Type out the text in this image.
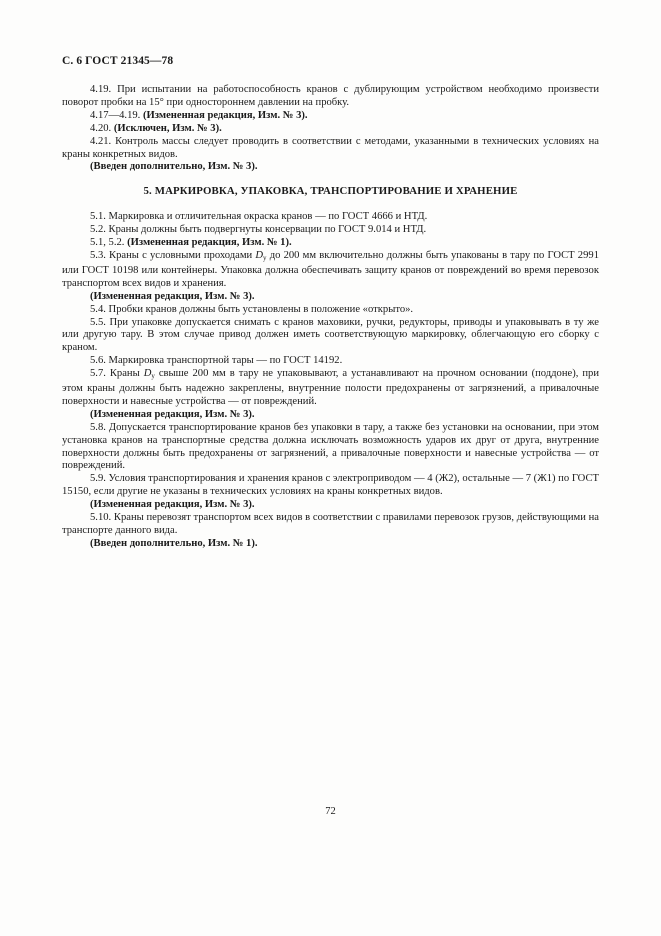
С. 6 ГОСТ 21345—78

4.19. При испытании на работоспособность кранов с дублирующим устройством необходимо произвести поворот пробки на 15° при одностороннем давлении на пробку.

4.17—4.19. (Измененная редакция, Изм. № 3).

4.20. (Исключен, Изм. № 3).

4.21. Контроль массы следует проводить в соответствии с методами, указанными в технических условиях на краны конкретных видов.

(Введен дополнительно, Изм. № 3).

5. МАРКИРОВКА, УПАКОВКА, ТРАНСПОРТИРОВАНИЕ И ХРАНЕНИЕ

5.1. Маркировка и отличительная окраска кранов — по ГОСТ 4666 и НТД.

5.2. Краны должны быть подвергнуты консервации по ГОСТ 9.014 и НТД.

5.1, 5.2. (Измененная редакция, Изм. № 1).

5.3. Краны с условными проходами $D_у$ до 200 мм включительно должны быть упакованы в тару по ГОСТ 2991 или ГОСТ 10198 или контейнеры. Упаковка должна обеспечивать защиту кранов от повреждений во время перевозок транспортом всех видов и хранения.

(Измененная редакция, Изм. № 3).

5.4. Пробки кранов должны быть установлены в положение «открыто».

5.5. При упаковке допускается снимать с кранов маховики, ручки, редукторы, приводы и упаковывать в ту же или другую тару. В этом случае привод должен иметь соответствующую маркировку, облегчающую его сборку с краном.

5.6. Маркировка транспортной тары — по ГОСТ 14192.

5.7. Краны $D_у$ свыше 200 мм в тару не упаковывают, а устанавливают на прочном основании (поддоне), при этом краны должны быть надежно закреплены, внутренние полости предохранены от загрязнений, а привалочные поверхности и навесные устройства — от повреждений.

(Измененная редакция, Изм. № 3).

5.8. Допускается транспортирование кранов без упаковки в тару, а также без установки на основании, при этом установка кранов на транспортные средства должна исключать возможность ударов их друг от друга, внутренние поверхности должны быть предохранены от загрязнений, а привалочные поверхности и навесные устройства — от повреждений.

5.9. Условия транспортирования и хранения кранов с электроприводом — 4 (Ж2), остальные — 7 (Ж1) по ГОСТ 15150, если другие не указаны в технических условиях на краны конкретных видов.

(Измененная редакция, Изм. № 3).

5.10. Краны перевозят транспортом всех видов в соответствии с правилами перевозок грузов, действующими на транспорте данного вида.

(Введен дополнительно, Изм. № 1).

72
